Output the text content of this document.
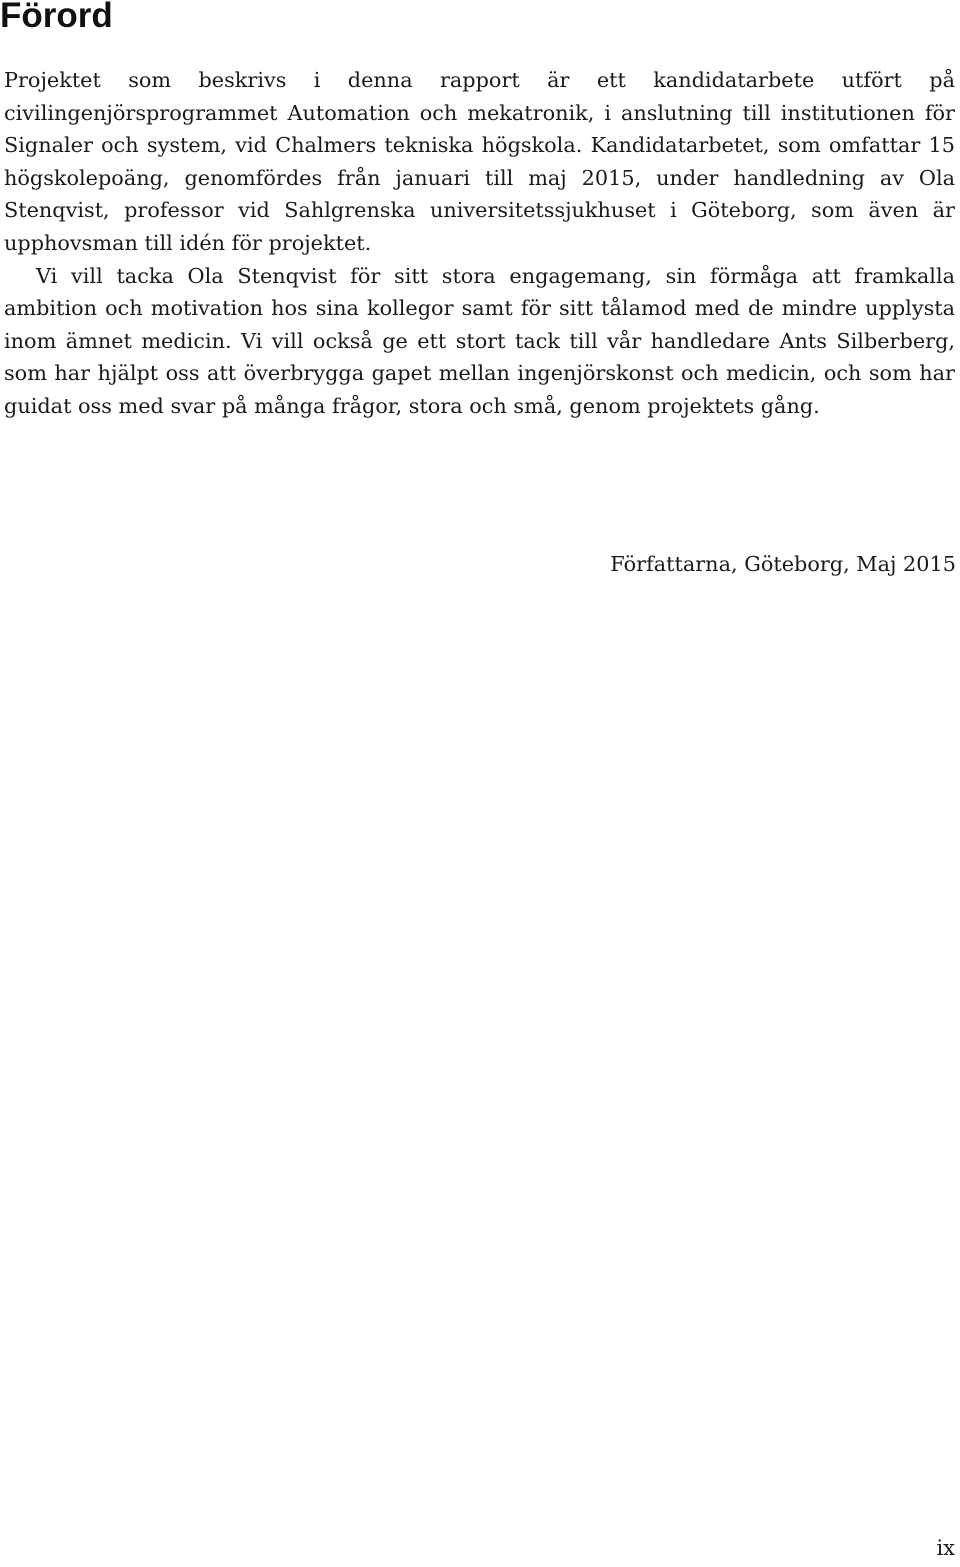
Förord

Projektet som beskrivs i denna rapport är ett kandidatarbete utfört på civilingenjörsprogrammet Automation och mekatronik, i anslutning till institutionen för Signaler och system, vid Chalmers tekniska högskola. Kandidatarbetet, som omfattar 15 högskolepoäng, genomfördes från januari till maj 2015, under handledning av Ola Stenqvist, professor vid Sahlgrenska universitetssjukhuset i Göteborg, som även är upphovsman till idén för projektet.

Vi vill tacka Ola Stenqvist för sitt stora engagemang, sin förmåga att framkalla ambition och motivation hos sina kollegor samt för sitt tålamod med de mindre upplysta inom ämnet medicin. Vi vill också ge ett stort tack till vår handledare Ants Silberberg, som har hjälpt oss att överbrygga gapet mellan ingenjörskonst och medicin, och som har guidat oss med svar på många frågor, stora och små, genom projektets gång.

Författarna, Göteborg, Maj 2015

ix
